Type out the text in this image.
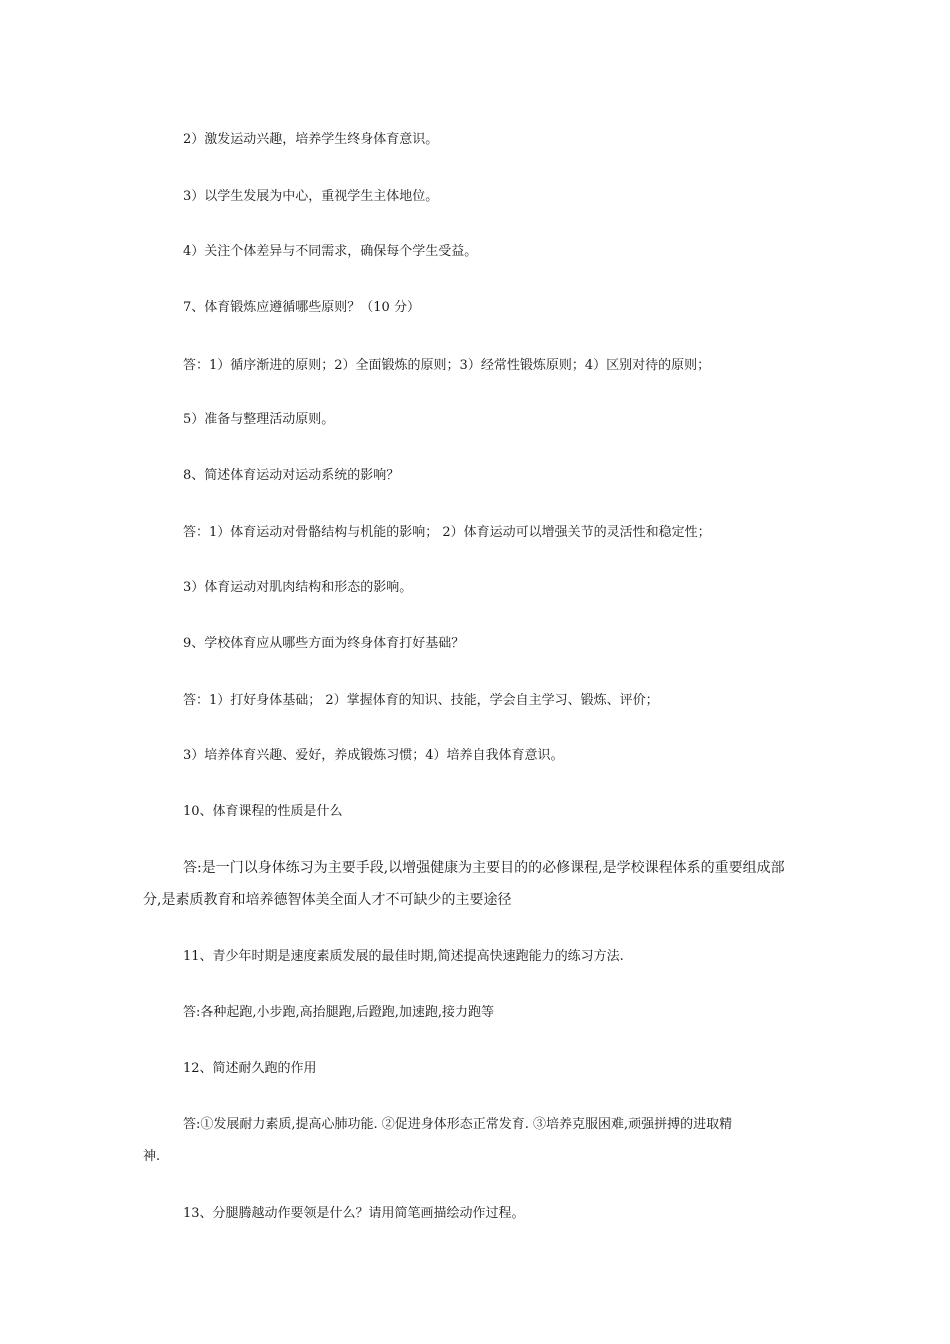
2）激发运动兴趣，培养学生终身体育意识。
3）以学生发展为中心，重视学生主体地位。
4）关注个体差异与不同需求，确保每个学生受益。
7、体育锻炼应遵循哪些原则？（10 分）
答：1）循序渐进的原则；2）全面锻炼的原则；3）经常性锻炼原则；4）区别对待的原则；
5）准备与整理活动原则。
8、简述体育运动对运动系统的影响？
答：1）体育运动对骨骼结构与机能的影响； 2）体育运动可以增强关节的灵活性和稳定性；
3）体育运动对肌肉结构和形态的影响。
9、学校体育应从哪些方面为终身体育打好基础？
答：1）打好身体基础； 2）掌握体育的知识、技能，学会自主学习、锻炼、评价；
3）培养体育兴趣、爱好，养成锻炼习惯；4）培养自我体育意识。
10、体育课程的性质是什么
答:是一门以身体练习为主要手段,以增强健康为主要目的的必修课程,是学校课程体系的重要组成部
分,是素质教育和培养德智体美全面人才不可缺少的主要途径
11、青少年时期是速度素质发展的最佳时期,简述提高快速跑能力的练习方法.
答:各种起跑,小步跑,高抬腿跑,后蹬跑,加速跑,接力跑等
12、简述耐久跑的作用
答:①发展耐力素质,提高心肺功能. ②促进身体形态正常发育. ③培养克服困难,顽强拼搏的进取精
神.
13、分腿腾越动作要领是什么？请用简笔画描绘动作过程。
